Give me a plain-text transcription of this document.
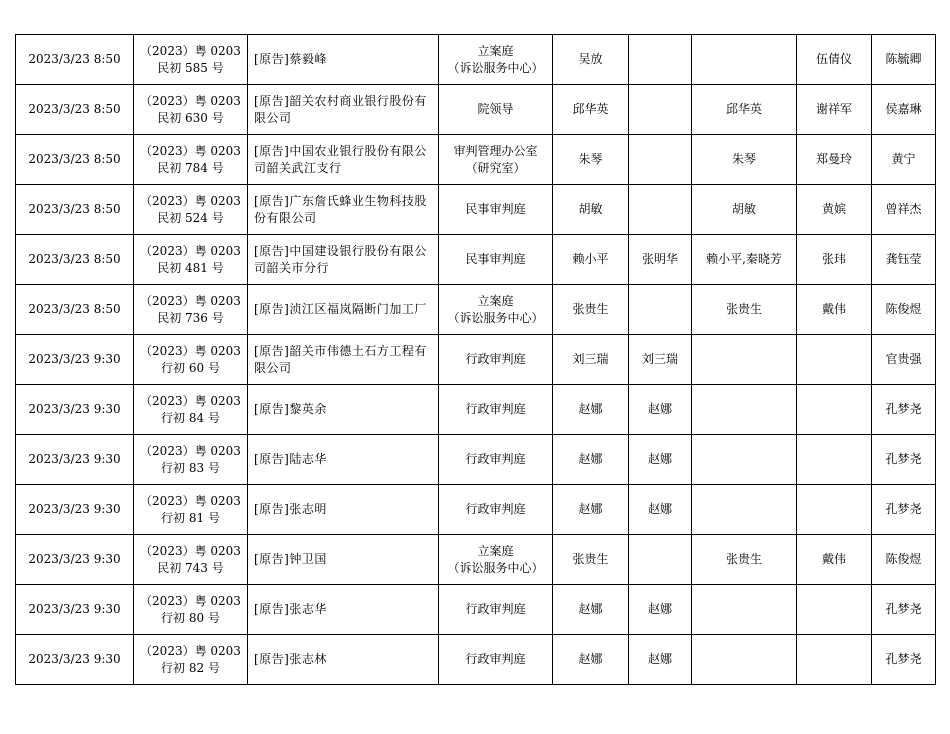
2023/3/23 8:50	（2023）粤 0203
民初 585 号	[原告]蔡毅峰	立案庭
（诉讼服务中心）	吴放			伍倩仪	陈毓卿
2023/3/23 8:50	（2023）粤 0203
民初 630 号	[原告]韶关农村商业银行股份有限公司	院领导	邱华英		邱华英	谢祥军	侯嘉琳
2023/3/23 8:50	（2023）粤 0203
民初 784 号	[原告]中国农业银行股份有限公司韶关武江支行	审判管理办公室
（研究室）	朱琴		朱琴	郑曼玲	黄宁
2023/3/23 8:50	（2023）粤 0203
民初 524 号	[原告]广东詹氏蜂业生物科技股份有限公司	民事审判庭	胡敏		胡敏	黄嫔	曾祥杰
2023/3/23 8:50	（2023）粤 0203
民初 481 号	[原告]中国建设银行股份有限公司韶关市分行	民事审判庭	赖小平	张明华	赖小平,秦晓芳	张玮	龚钰莹
2023/3/23 8:50	（2023）粤 0203
民初 736 号	[原告]浈江区福岚隔断门加工厂	立案庭
（诉讼服务中心）	张贵生		张贵生	戴伟	陈俊煜
2023/3/23 9:30	（2023）粤 0203
行初 60 号	[原告]韶关市伟德土石方工程有限公司	行政审判庭	刘三瑞	刘三瑞			官贵强
2023/3/23 9:30	（2023）粤 0203
行初 84 号	[原告]黎英余	行政审判庭	赵娜	赵娜			孔梦尧
2023/3/23 9:30	（2023）粤 0203
行初 83 号	[原告]陆志华	行政审判庭	赵娜	赵娜			孔梦尧
2023/3/23 9:30	（2023）粤 0203
行初 81 号	[原告]张志明	行政审判庭	赵娜	赵娜			孔梦尧
2023/3/23 9:30	（2023）粤 0203
民初 743 号	[原告]钟卫国	立案庭
（诉讼服务中心）	张贵生		张贵生	戴伟	陈俊煜
2023/3/23 9:30	（2023）粤 0203
行初 80 号	[原告]张志华	行政审判庭	赵娜	赵娜			孔梦尧
2023/3/23 9:30	（2023）粤 0203
行初 82 号	[原告]张志林	行政审判庭	赵娜	赵娜			孔梦尧
